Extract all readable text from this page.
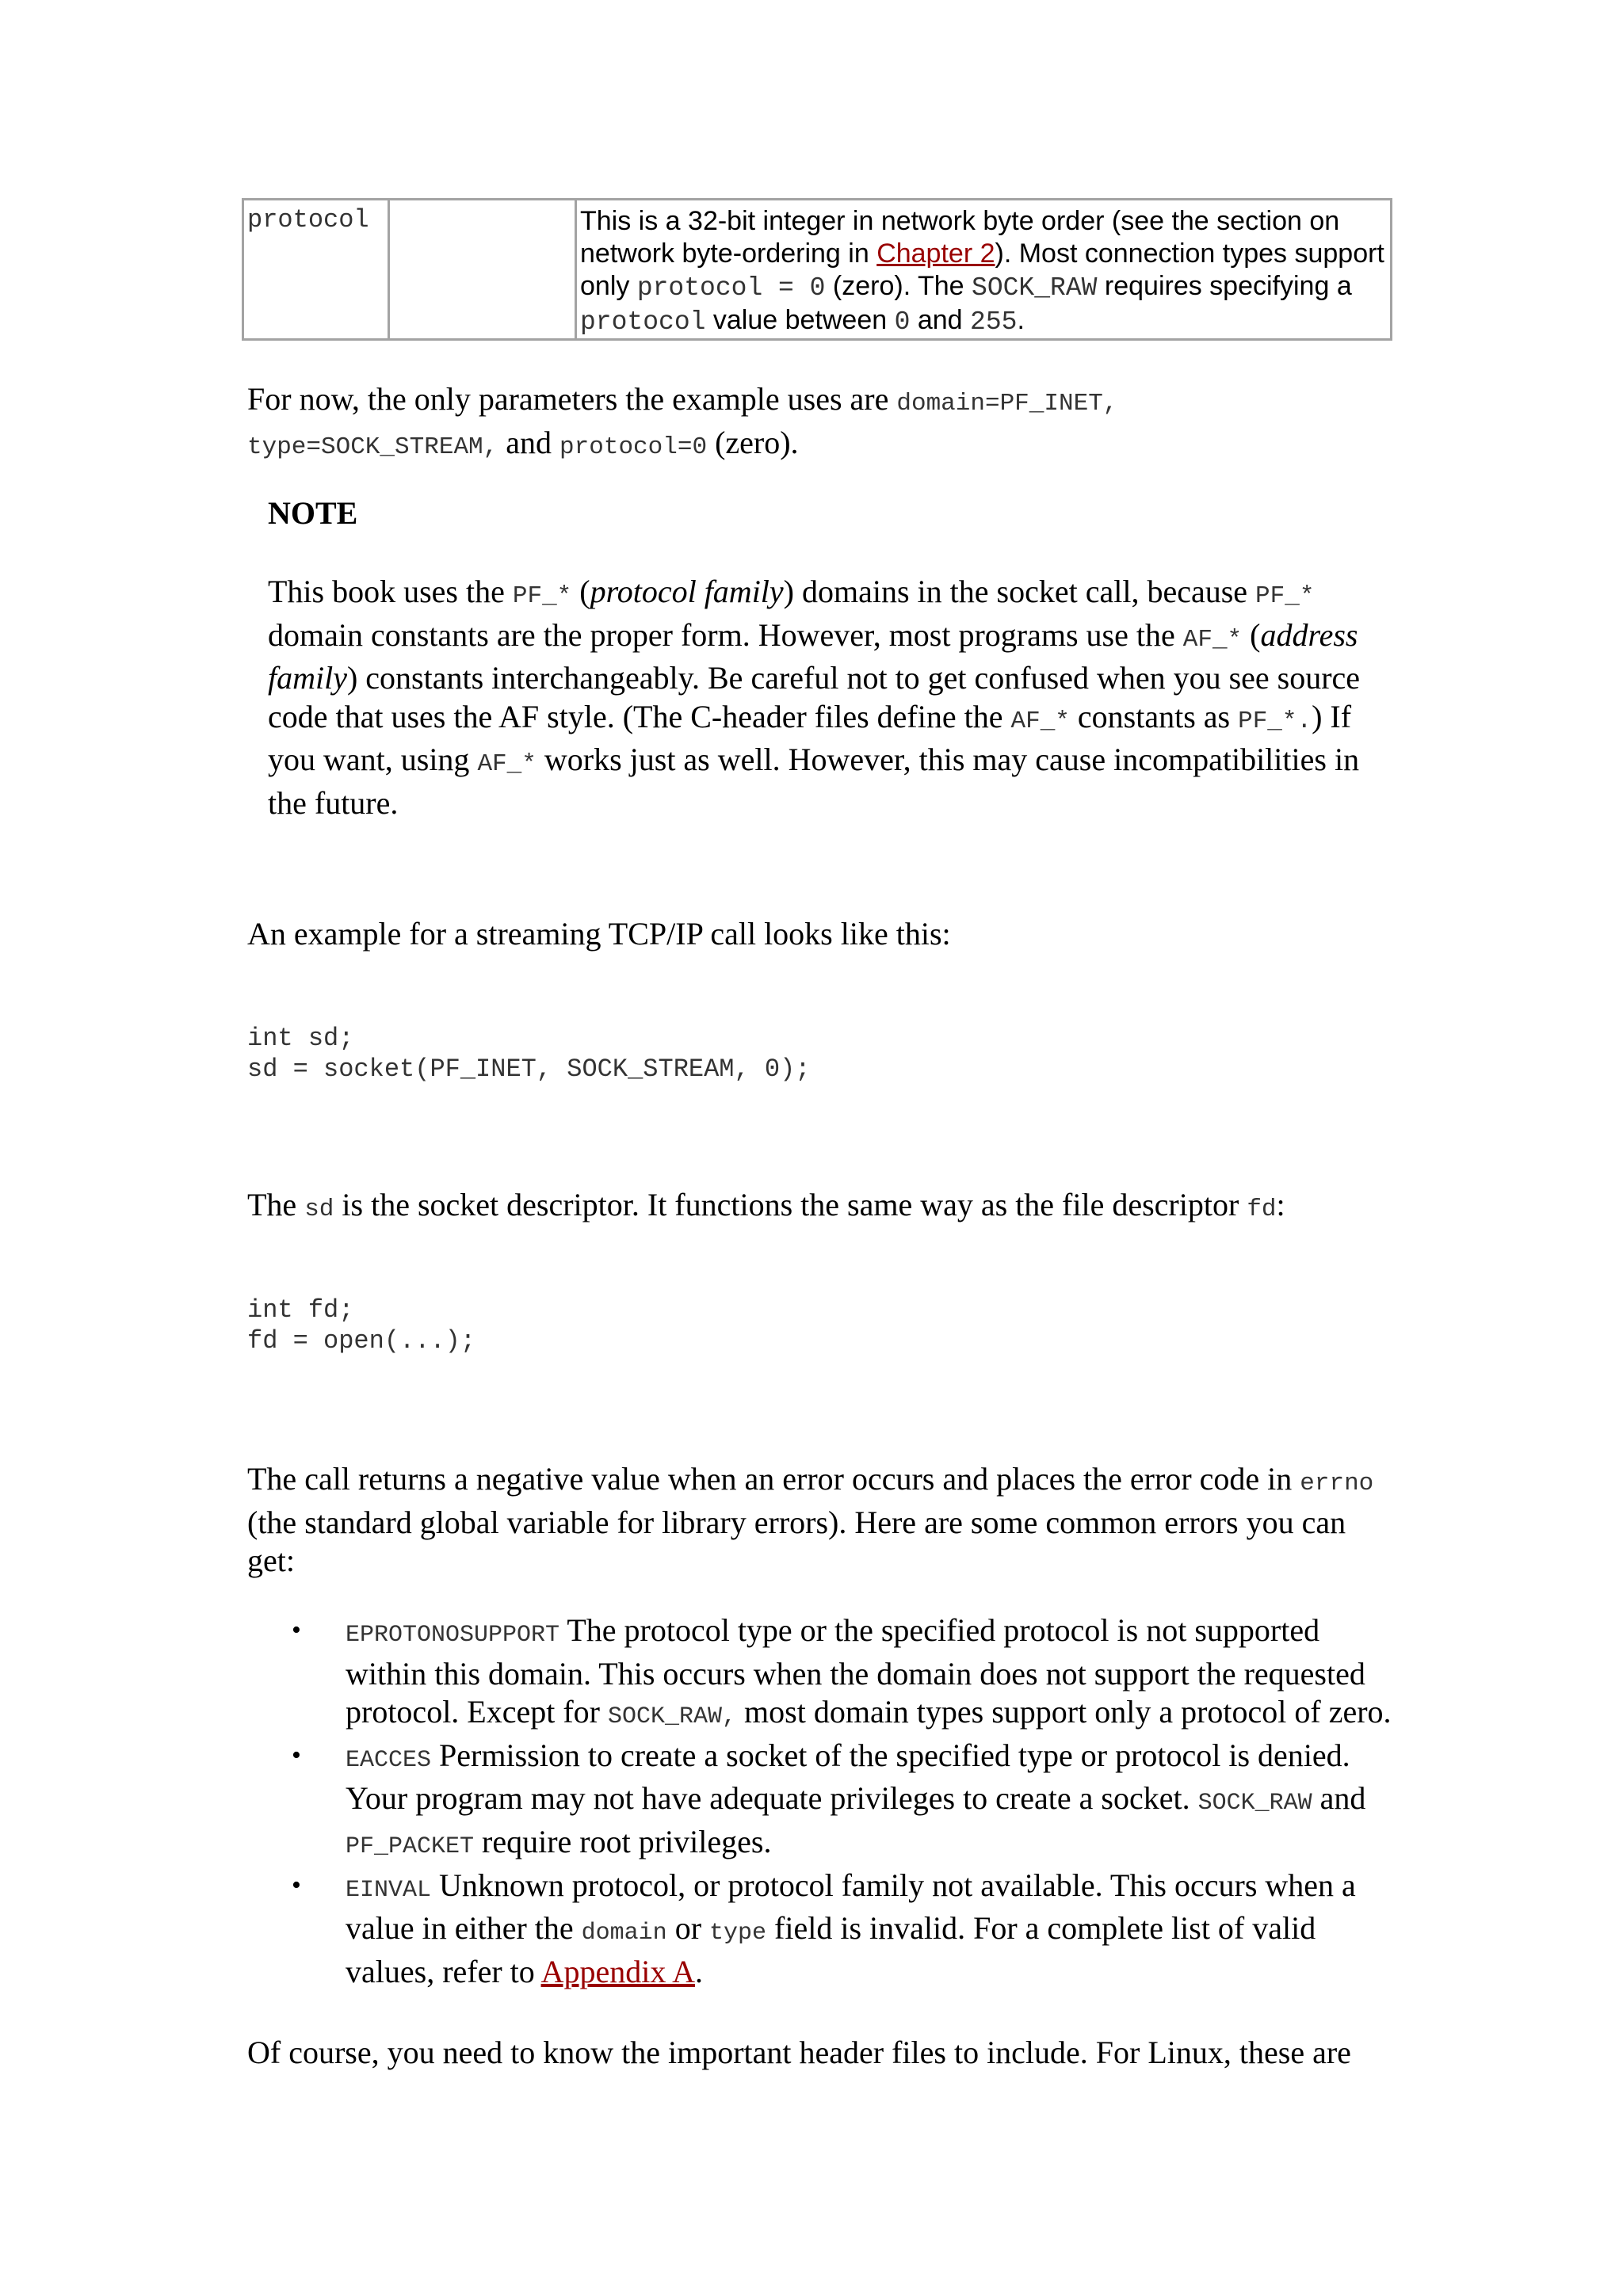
protocol		This is a 32-bit integer in network byte order (see the section on network byte-ordering in Chapter 2). Most connection types support only protocol = 0 (zero). The SOCK_RAW requires specifying a protocol value between 0 and 255.
For now, the only parameters the example uses are domain=PF_INET,
type=SOCK_STREAM, and protocol=0 (zero).
NOTE
This book uses the PF_* (protocol family) domains in the socket call, because PF_* domain constants are the proper form. However, most programs use the AF_* (address family) constants interchangeably. Be careful not to get confused when you see source code that uses the AF style. (The C-header files define the AF_* constants as PF_*.) If you want, using AF_* works just as well. However, this may cause incompatibilities in the future.
An example for a streaming TCP/IP call looks like this:
int sd;
sd = socket(PF_INET, SOCK_STREAM, 0);
The sd is the socket descriptor. It functions the same way as the file descriptor fd:
int fd;
fd = open(...);
The call returns a negative value when an error occurs and places the error code in errno (the standard global variable for library errors). Here are some common errors you can get:
• EPROTONOSUPPORT The protocol type or the specified protocol is not supported within this domain. This occurs when the domain does not support the requested protocol. Except for SOCK_RAW, most domain types support only a protocol of zero.
• EACCES Permission to create a socket of the specified type or protocol is denied. Your program may not have adequate privileges to create a socket. SOCK_RAW and PF_PACKET require root privileges.
• EINVAL Unknown protocol, or protocol family not available. This occurs when a value in either the domain or type field is invalid. For a complete list of valid values, refer to Appendix A.
Of course, you need to know the important header files to include. For Linux, these are
